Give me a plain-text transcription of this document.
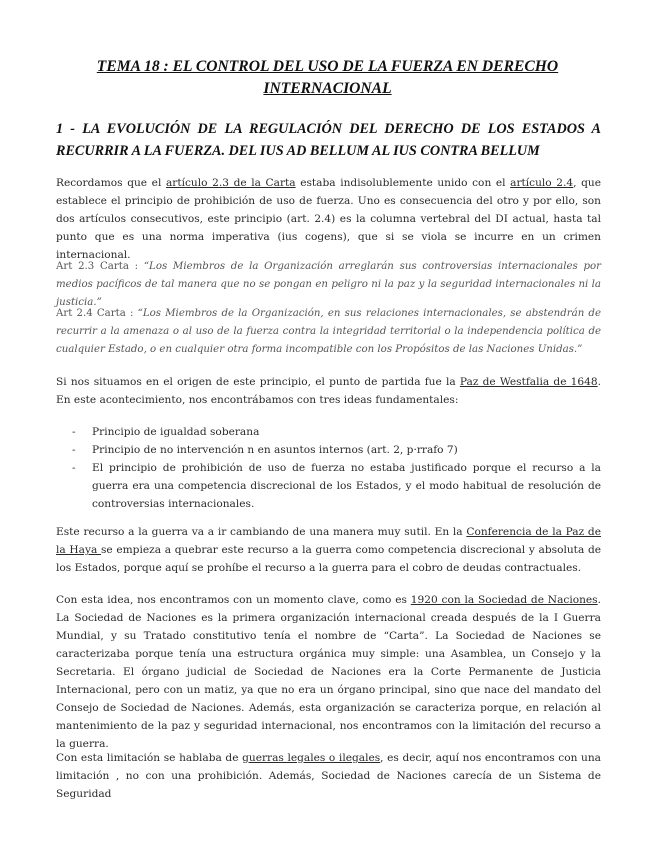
TEMA 18 : EL CONTROL DEL USO DE LA FUERZA EN DERECHO INTERNACIONAL
1 - LA EVOLUCIÓN DE LA REGULACIÓN DEL DERECHO DE LOS ESTADOS A RECURRIR A LA FUERZA. DEL IUS AD BELLUM AL IUS CONTRA BELLUM
Recordamos que el artículo 2.3 de la Carta estaba indisolublemente unido con el artículo 2.4, que establece el principio de prohibición de uso de fuerza. Uno es consecuencia del otro y por ello, son dos artículos consecutivos, este principio (art. 2.4) es la columna vertebral del DI actual, hasta tal punto que es una norma imperativa (ius cogens), que si se viola se incurre en un crimen internacional.
Art 2.3 Carta : “Los Miembros de la Organización arreglarán sus controversias internacionales por medios pacíficos de tal manera que no se pongan en peligro ni la paz y la seguridad internacionales ni la justicia.”
Art 2.4 Carta : “Los Miembros de la Organización, en sus relaciones internacionales, se abstendrán de recurrir a la amenaza o al uso de la fuerza contra la integridad territorial o la independencia política de cualquier Estado, o en cualquier otra forma incompatible con los Propósitos de las Naciones Unidas.”
Si nos situamos en el origen de este principio, el punto de partida fue la Paz de Westfalia de 1648. En este acontecimiento, nos encontrábamos con tres ideas fundamentales:
- Principio de igualdad soberana
- Principio de no intervención n en asuntos internos (art. 2, p·rrafo 7)
- El principio de prohibición de uso de fuerza no estaba justificado porque el recurso a la guerra era una competencia discrecional de los Estados, y el modo habitual de resolución de controversias internacionales.
Este recurso a la guerra va a ir cambiando de una manera muy sutil. En la Conferencia de la Paz de la Haya se empieza a quebrar este recurso a la guerra como competencia discrecional y absoluta de los Estados, porque aquí se prohíbe el recurso a la guerra para el cobro de deudas contractuales.
Con esta idea, nos encontramos con un momento clave, como es 1920 con la Sociedad de Naciones. La Sociedad de Naciones es la primera organización internacional creada después de la I Guerra Mundial, y su Tratado constitutivo tenía el nombre de “Carta”. La Sociedad de Naciones se caracterizaba porque tenía una estructura orgánica muy simple: una Asamblea, un Consejo y la Secretaria. El órgano judicial de Sociedad de Naciones era la Corte Permanente de Justicia Internacional, pero con un matiz, ya que no era un órgano principal, sino que nace del mandato del Consejo de Sociedad de Naciones. Además, esta organización se caracteriza porque, en relación al mantenimiento de la paz y seguridad internacional, nos encontramos con la limitación del recurso a la guerra.
Con esta limitación se hablaba de guerras legales o ilegales, es decir, aquí nos encontramos con una limitación , no con una prohibición. Además, Sociedad de Naciones carecía de un Sistema de Seguridad
